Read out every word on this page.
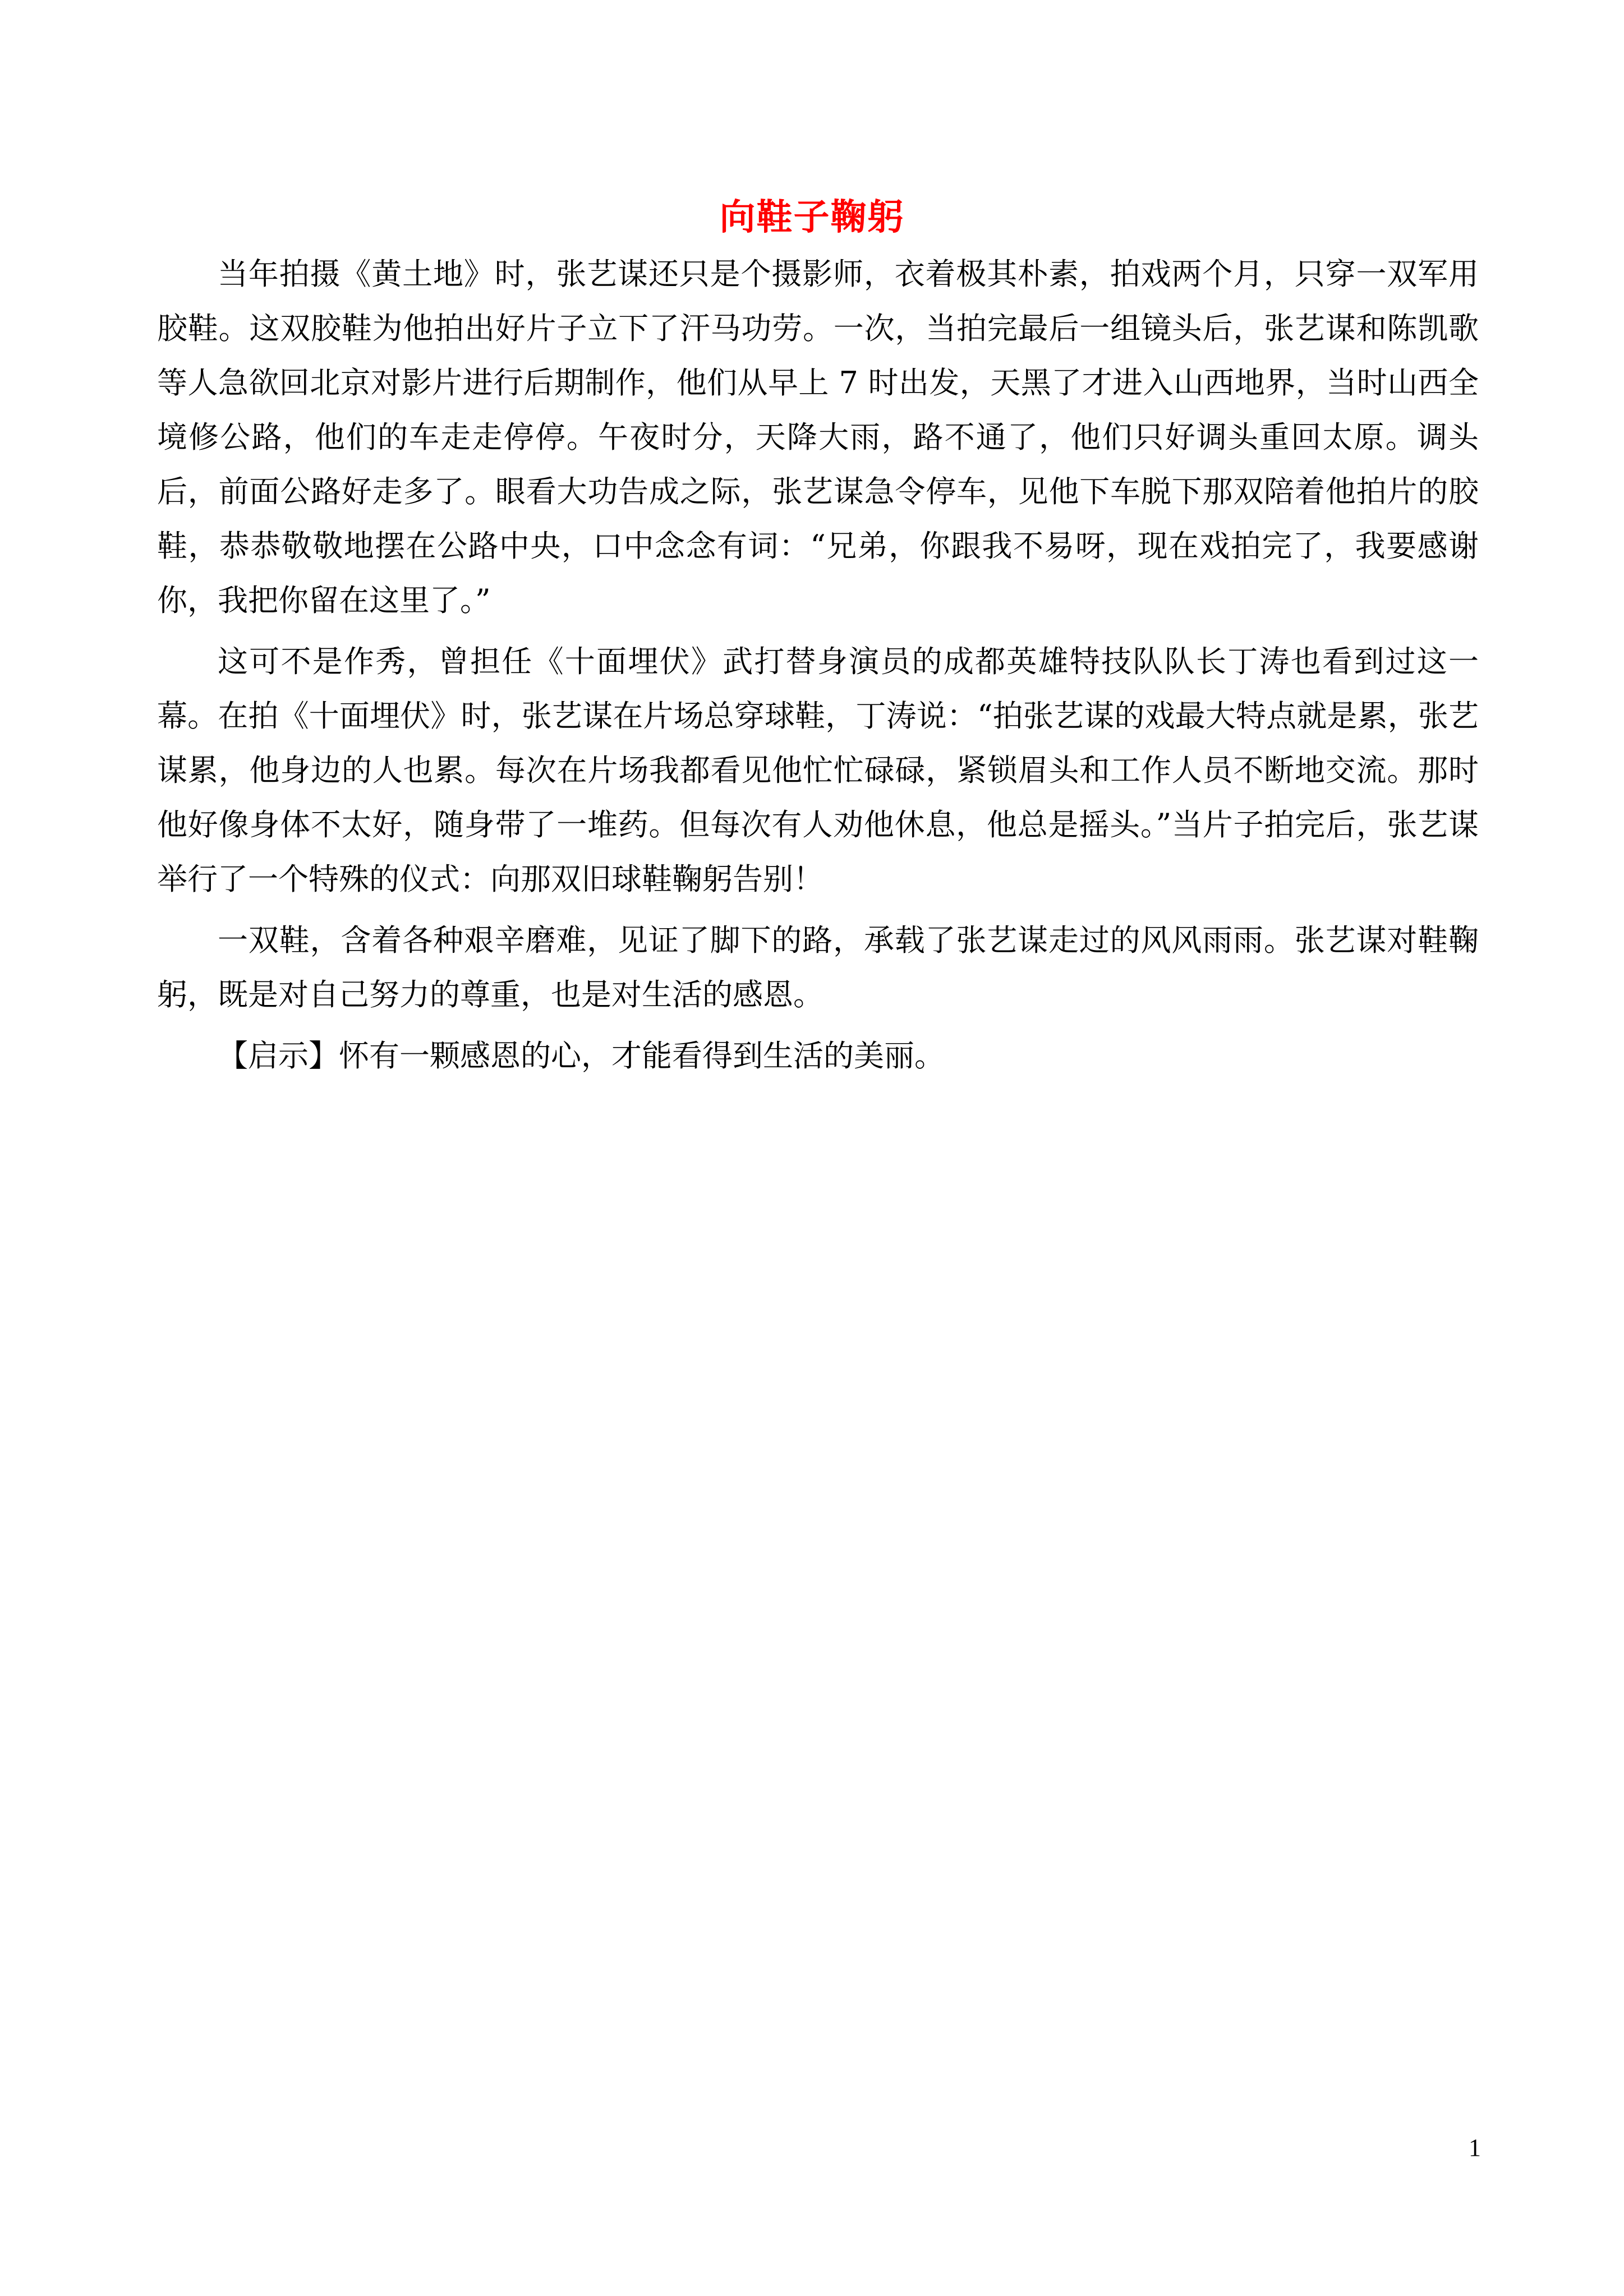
向鞋子鞠躬

当年拍摄《黄土地》时，张艺谋还只是个摄影师，衣着极其朴素，拍戏两个月，只穿一双军用胶鞋。这双胶鞋为他拍出好片子立下了汗马功劳。一次，当拍完最后一组镜头后，张艺谋和陈凯歌等人急欲回北京对影片进行后期制作，他们从早上 7 时出发，天黑了才进入山西地界，当时山西全境修公路，他们的车走走停停。午夜时分，天降大雨，路不通了，他们只好调头重回太原。调头后，前面公路好走多了。眼看大功告成之际，张艺谋急令停车，见他下车脱下那双陪着他拍片的胶鞋，恭恭敬敬地摆在公路中央，口中念念有词：“兄弟，你跟我不易呀，现在戏拍完了，我要感谢你，我把你留在这里了。”

这可不是作秀，曾担任《十面埋伏》武打替身演员的成都英雄特技队队长丁涛也看到过这一幕。在拍《十面埋伏》时，张艺谋在片场总穿球鞋，丁涛说：“拍张艺谋的戏最大特点就是累，张艺谋累，他身边的人也累。每次在片场我都看见他忙忙碌碌，紧锁眉头和工作人员不断地交流。那时他好像身体不太好，随身带了一堆药。但每次有人劝他休息，他总是摇头。”当片子拍完后，张艺谋举行了一个特殊的仪式：向那双旧球鞋鞠躬告别！

一双鞋，含着各种艰辛磨难，见证了脚下的路，承载了张艺谋走过的风风雨雨。张艺谋对鞋鞠躬，既是对自己努力的尊重，也是对生活的感恩。

【启示】怀有一颗感恩的心，才能看得到生活的美丽。

1
